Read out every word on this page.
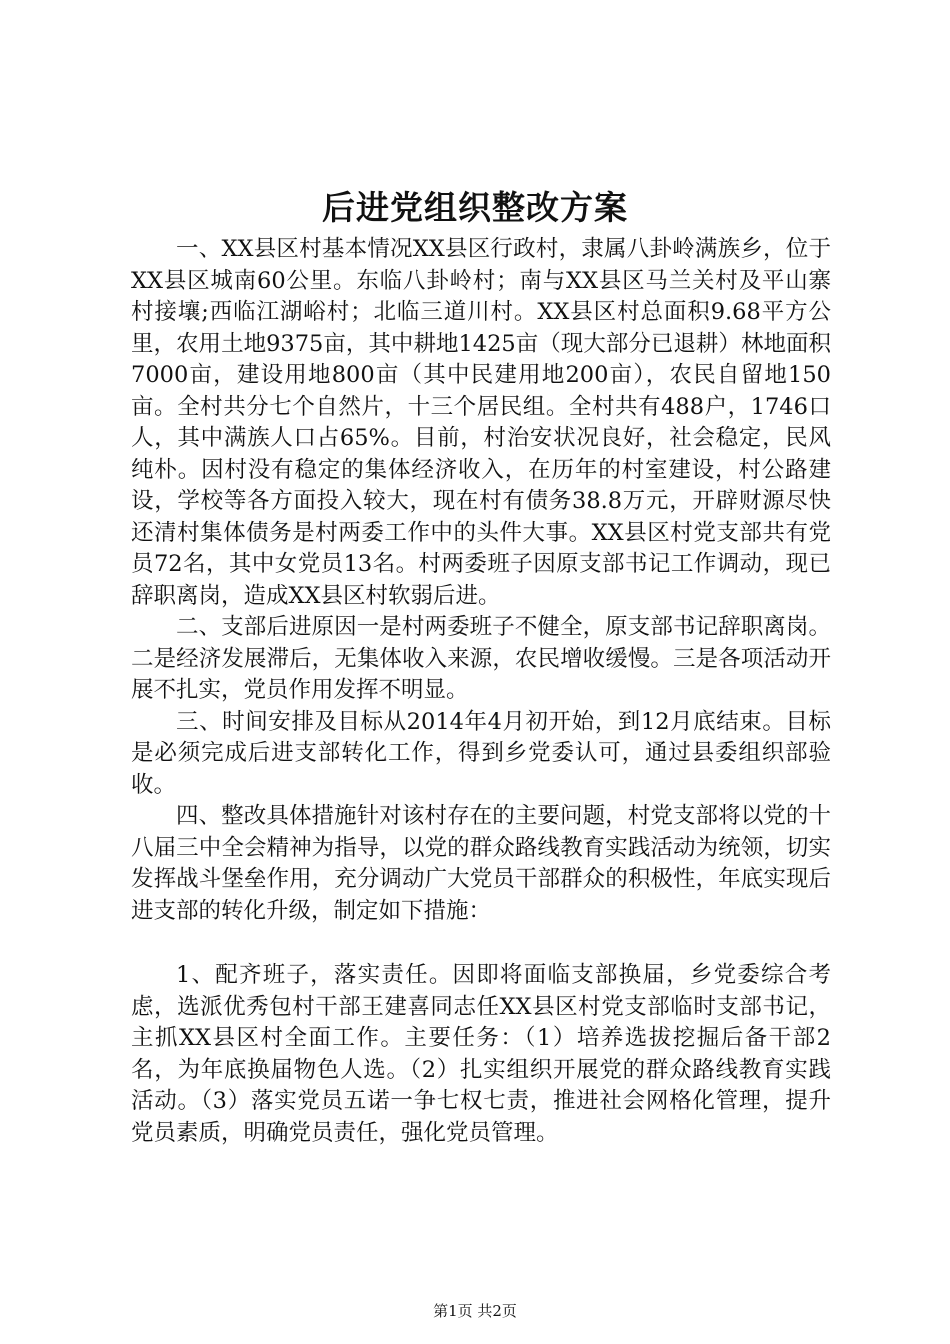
后进党组织整改方案

一、XX县区村基本情况XX县区行政村，隶属八卦岭满族乡，位于XX县区城南60公里。东临八卦岭村；南与XX县区马兰关村及平山寨村接壤;西临江湖峪村；北临三道川村。XX县区村总面积9.68平方公里，农用土地9375亩，其中耕地1425亩（现大部分已退耕）林地面积7000亩，建设用地800亩（其中民建用地200亩），农民自留地150亩。全村共分七个自然片，十三个居民组。全村共有488户，1746口人，其中满族人口占65%。目前，村治安状况良好，社会稳定，民风纯朴。因村没有稳定的集体经济收入，在历年的村室建设，村公路建设，学校等各方面投入较大，现在村有债务38.8万元，开辟财源尽快还清村集体债务是村两委工作中的头件大事。XX县区村党支部共有党员72名，其中女党员13名。村两委班子因原支部书记工作调动，现已辞职离岗，造成XX县区村软弱后进。

二、支部后进原因一是村两委班子不健全，原支部书记辞职离岗。二是经济发展滞后，无集体收入来源，农民增收缓慢。三是各项活动开展不扎实，党员作用发挥不明显。

三、时间安排及目标从2014年4月初开始，到12月底结束。目标是必须完成后进支部转化工作，得到乡党委认可，通过县委组织部验收。

四、整改具体措施针对该村存在的主要问题，村党支部将以党的十八届三中全会精神为指导，以党的群众路线教育实践活动为统领，切实发挥战斗堡垒作用，充分调动广大党员干部群众的积极性，年底实现后进支部的转化升级，制定如下措施：

1、配齐班子，落实责任。因即将面临支部换届，乡党委综合考虑，选派优秀包村干部王建喜同志任XX县区村党支部临时支部书记，主抓XX县区村全面工作。主要任务：（1）培养选拔挖掘后备干部2名，为年底换届物色人选。（2）扎实组织开展党的群众路线教育实践活动。（3）落实党员五诺一争七权七责，推进社会网格化管理，提升党员素质，明确党员责任，强化党员管理。

第1页 共2页
